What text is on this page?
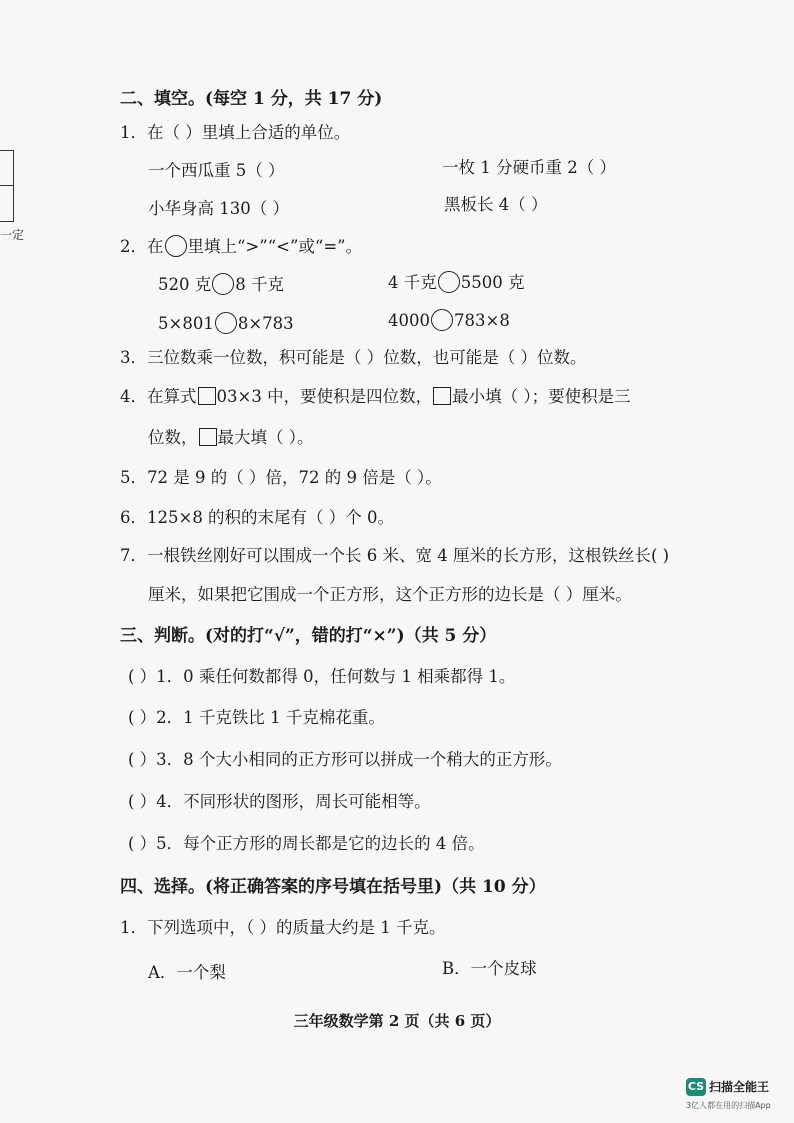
一定
二、填空。(每空 1 分，共 17 分)
1．在（ ）里填上合适的单位。
一个西瓜重 5（ ）	一枚 1 分硬币重 2（ ）
小华身高 130（ ）	黑板长 4（ ）
2．在 里填上“>”“<”或“=”。
520 克 8 千克	4 千克 5500 克
5×801 8×783	4000 783×8
3．三位数乘一位数，积可能是（ ）位数，也可能是（ ）位数。
4．在算式 03×3 中，要使积是四位数， 最小填（ ）；要使积是三
位数， 最大填（ ）。
5．72 是 9 的（ ）倍，72 的 9 倍是（ ）。
6．125×8 的积的末尾有（ ）个 0。
7．一根铁丝刚好可以围成一个长 6 米、宽 4 厘米的长方形，这根铁丝长( )
厘米，如果把它围成一个正方形，这个正方形的边长是（ ）厘米。
三、判断。(对的打“√”，错的打“×”)（共 5 分）
( ）1．0 乘任何数都得 0，任何数与 1 相乘都得 1。
( ）2．1 千克铁比 1 千克棉花重。
( ）3．8 个大小相同的正方形可以拼成一个稍大的正方形。
( ）4．不同形状的图形，周长可能相等。
( ）5．每个正方形的周长都是它的边长的 4 倍。
四、选择。(将正确答案的序号填在括号里)（共 10 分）
1．下列选项中，（ ）的质量大约是 1 千克。
A．一个梨	B．一个皮球
三年级数学第 2 页（共 6 页）
CS 扫描全能王
3亿人都在用的扫描App
